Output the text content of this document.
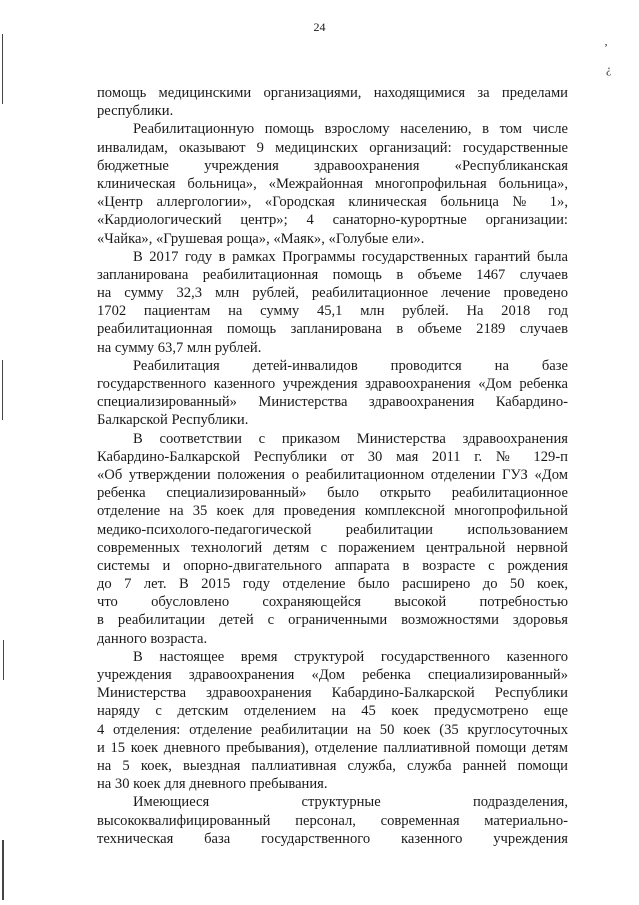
24
помощь медицинскими организациями, находящимися за пределами
республики.
Реабилитационную помощь взрослому населению, в том числе
инвалидам, оказывают 9 медицинских организаций: государственные
бюджетные учреждения здравоохранения «Республиканская
клиническая больница», «Межрайонная многопрофильная больница»,
«Центр аллергологии», «Городская клиническая больница № 1»,
«Кардиологический центр»; 4 санаторно-курортные организации:
«Чайка», «Грушевая роща», «Маяк», «Голубые ели».
В 2017 году в рамках Программы государственных гарантий была
запланирована реабилитационная помощь в объеме 1467 случаев
на сумму 32,3 млн рублей, реабилитационное лечение проведено
1702 пациентам на сумму 45,1 млн рублей. На 2018 год
реабилитационная помощь запланирована в объеме 2189 случаев
на сумму 63,7 млн рублей.
Реабилитация детей-инвалидов проводится на базе
государственного казенного учреждения здравоохранения «Дом ребенка
специализированный» Министерства здравоохранения Кабардино-
Балкарской Республики.
В соответствии с приказом Министерства здравоохранения
Кабардино-Балкарской Республики от 30 мая 2011 г. № 129-п
«Об утверждении положения о реабилитационном отделении ГУЗ «Дом
ребенка специализированный» было открыто реабилитационное
отделение на 35 коек для проведения комплексной многопрофильной
медико-психолого-педагогической реабилитации использованием
современных технологий детям с поражением центральной нервной
системы и опорно-двигательного аппарата в возрасте с рождения
до 7 лет. В 2015 году отделение было расширено до 50 коек,
что обусловлено сохраняющейся высокой потребностью
в реабилитации детей с ограниченными возможностями здоровья
данного возраста.
В настоящее время структурой государственного казенного
учреждения здравоохранения «Дом ребенка специализированный»
Министерства здравоохранения Кабардино-Балкарской Республики
наряду с детским отделением на 45 коек предусмотрено еще
4 отделения: отделение реабилитации на 50 коек (35 круглосуточных
и 15 коек дневного пребывания), отделение паллиативной помощи детям
на 5 коек, выездная паллиативная служба, служба ранней помощи
на 30 коек для дневного пребывания.
Имеющиеся структурные подразделения,
высококвалифицированный персонал, современная материально-
техническая база государственного казенного учреждения
‚
¿
